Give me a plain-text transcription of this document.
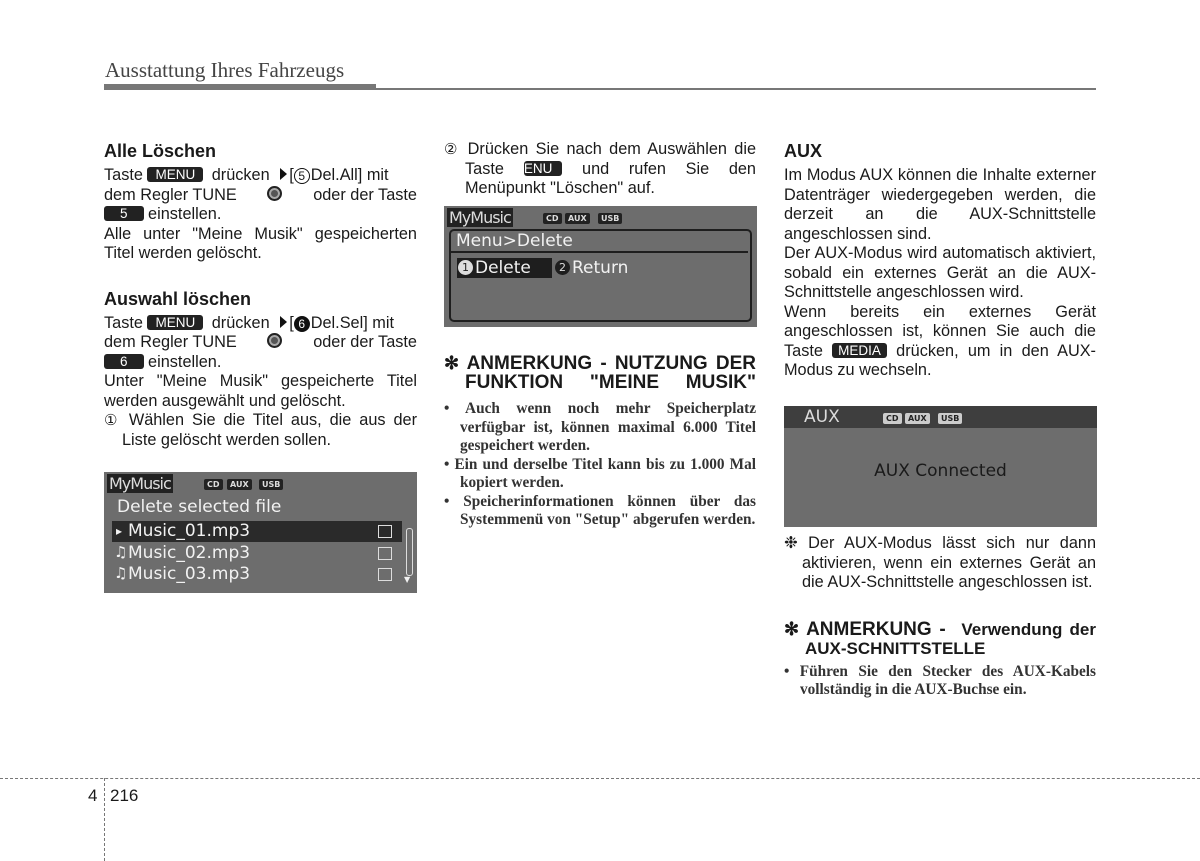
Ausstattung Ihres Fahrzeugs

Alle Löschen

Taste MENU drücken [ 5 Del.All] mit

dem Regler TUNE	oder der Taste

5 einstellen.

Alle unter "Meine Musik" gespeicherten Titel werden gelöscht.

Auswahl löschen

Taste MENU drücken [ 6 Del.Sel] mit

dem Regler TUNE	oder der Taste

6 einstellen.

Unter "Meine Musik" gespeicherte Titel werden ausgewählt und gelöscht.

① Wählen Sie die Titel aus, die aus der Liste gelöscht werden sollen.

MyMusic	CD	AUX	USB
Delete selected file
▸ Music_01.mp3
♫ Music_02.mp3
♫ Music_03.mp3	▼

② Drücken Sie nach dem Auswählen die Taste MENU und rufen Sie den Menüpunkt "Löschen" auf.

MyMusic	CD	AUX	USB
Menu>Delete
1 Delete	2 Return

✻ ANMERKUNG - NUTZUNG DER FUNKTION "MEINE MUSIK"

• Auch wenn noch mehr Speicherplatz verfügbar ist, können maximal 6.000 Titel gespeichert werden.
• Ein und derselbe Titel kann bis zu 1.000 Mal kopiert werden.
• Speicherinformationen können über das Systemmenü von "Setup" abgerufen werden.

AUX

Im Modus AUX können die Inhalte externer Datenträger wiedergegeben werden, die derzeit an die AUX-Schnittstelle angeschlossen sind.

Der AUX-Modus wird automatisch aktiviert, sobald ein externes Gerät an die AUX-Schnittstelle angeschlossen wird.

Wenn bereits ein externes Gerät angeschlossen ist, können Sie auch die Taste MEDIA drücken, um in den AUX-Modus zu wechseln.

AUX	CD	AUX	USB
AUX Connected

❉ Der AUX-Modus lässt sich nur dann aktivieren, wenn ein externes Gerät an die AUX-Schnittstelle angeschlossen ist.

✻ ANMERKUNG - Verwendung der AUX-SCHNITTSTELLE

• Führen Sie den Stecker des AUX-Kabels vollständig in die AUX-Buchse ein.
4 216
